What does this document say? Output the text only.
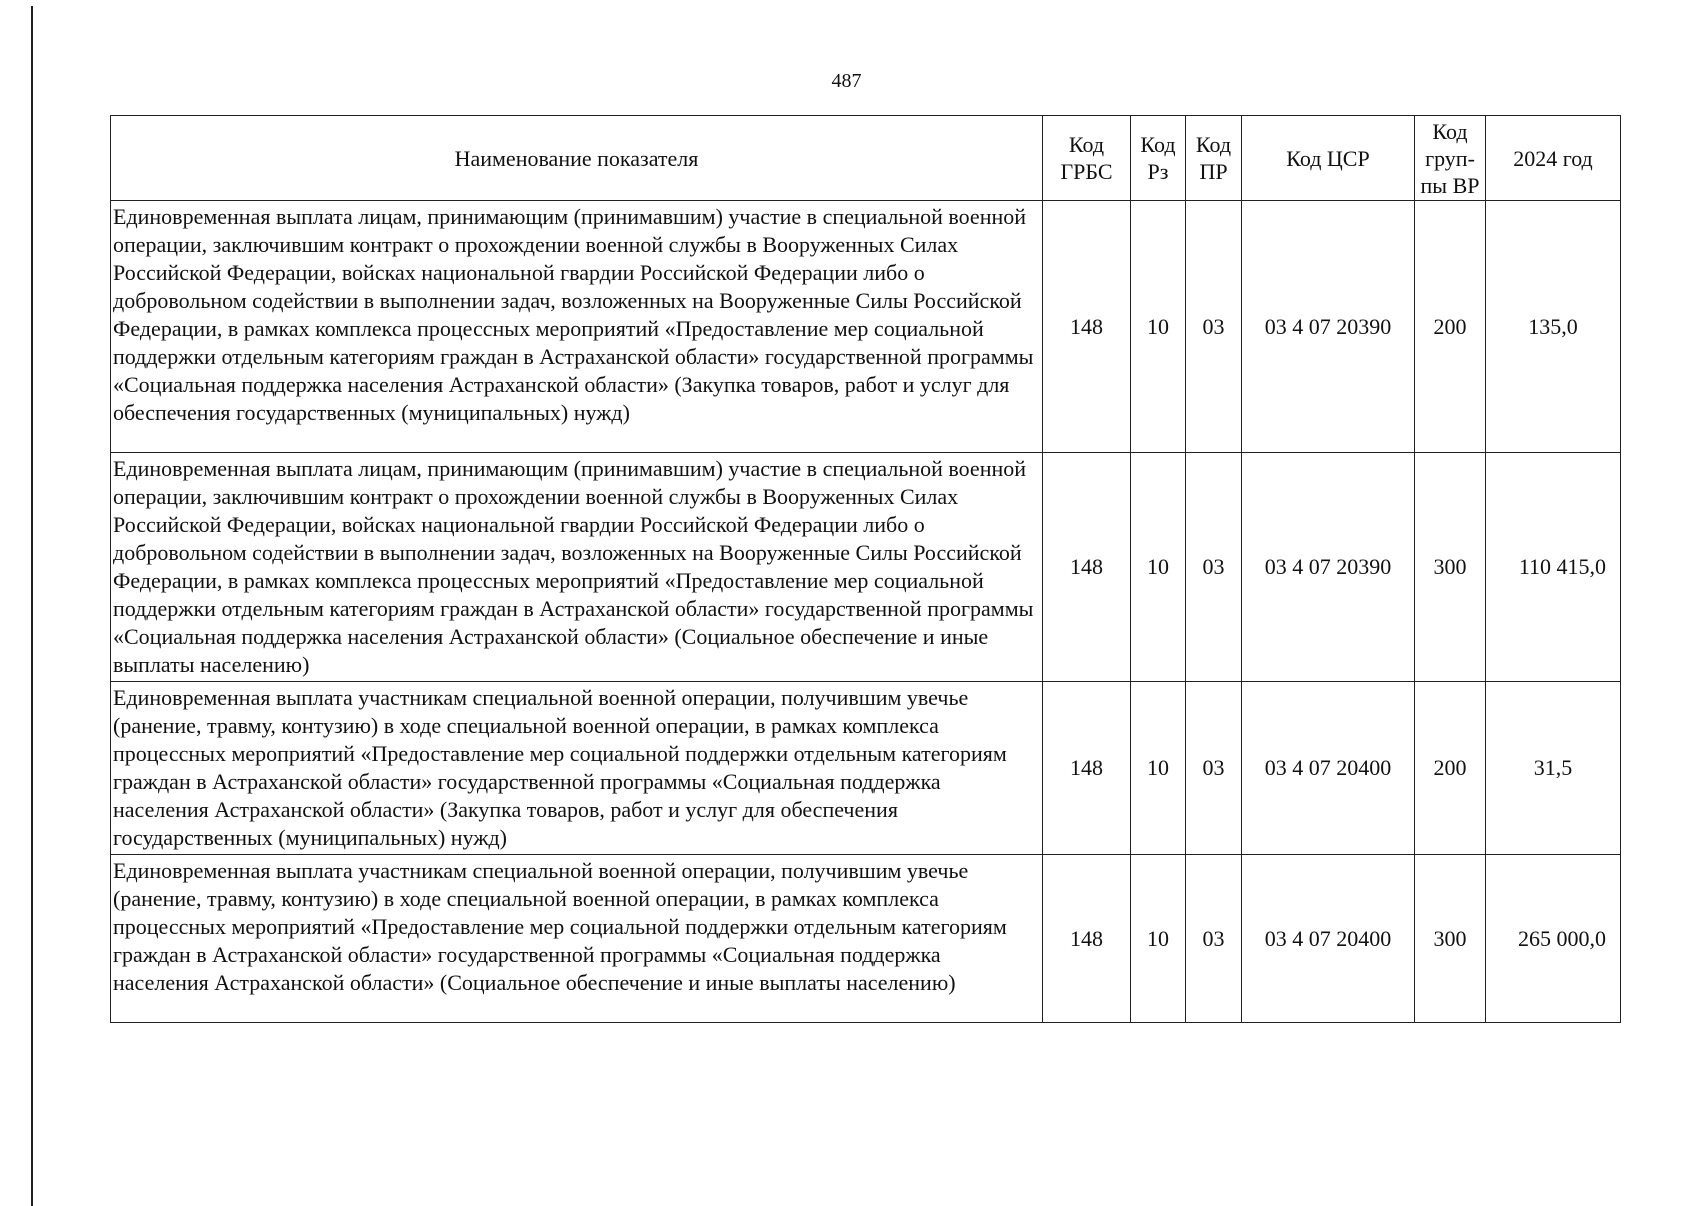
487
Наименование показателя	Код ГРБС	Код Рз	Код ПР	Код ЦСР	Код груп-пы ВР	2024 год
Единовременная выплата лицам, принимающим (принимавшим) участие в специальной военной операции, заключившим контракт о прохождении военной службы в Вооруженных Силах Российской Федерации, войсках национальной гвардии Российской Федерации либо о добровольном содействии в выполнении задач, возложенных на Вооруженные Силы Российской Федерации, в рамках комплекса процессных мероприятий «Предоставление мер социальной поддержки отдельным категориям граждан в Астраханской области» государственной программы «Социальная поддержка населения Астраханской области» (Закупка товаров, работ и услуг для обеспечения государственных (муниципальных) нужд)	148	10	03	03 4 07 20390	200	135,0
Единовременная выплата лицам, принимающим (принимавшим) участие в специальной военной операции, заключившим контракт о прохождении военной службы в Вооруженных Силах Российской Федерации, войсках национальной гвардии Российской Федерации либо о добровольном содействии в выполнении задач, возложенных на Вооруженные Силы Российской Федерации, в рамках комплекса процессных мероприятий «Предоставление мер социальной поддержки отдельным категориям граждан в Астраханской области» государственной программы «Социальная поддержка населения Астраханской области» (Социальное обеспечение и иные выплаты населению)	148	10	03	03 4 07 20390	300	110 415,0
Единовременная выплата участникам специальной военной операции, получившим увечье (ранение, травму, контузию) в ходе специальной военной операции, в рамках комплекса процессных мероприятий «Предоставление мер социальной поддержки отдельным категориям граждан в Астраханской области» государственной программы «Социальная поддержка населения Астраханской области» (Закупка товаров, работ и услуг для обеспечения государственных (муниципальных) нужд)	148	10	03	03 4 07 20400	200	31,5
Единовременная выплата участникам специальной военной операции, получившим увечье (ранение, травму, контузию) в ходе специальной военной операции, в рамках комплекса процессных мероприятий «Предоставление мер социальной поддержки отдельным категориям граждан в Астраханской области» государственной программы «Социальная поддержка населения Астраханской области» (Социальное обеспечение и иные выплаты населению)	148	10	03	03 4 07 20400	300	265 000,0
